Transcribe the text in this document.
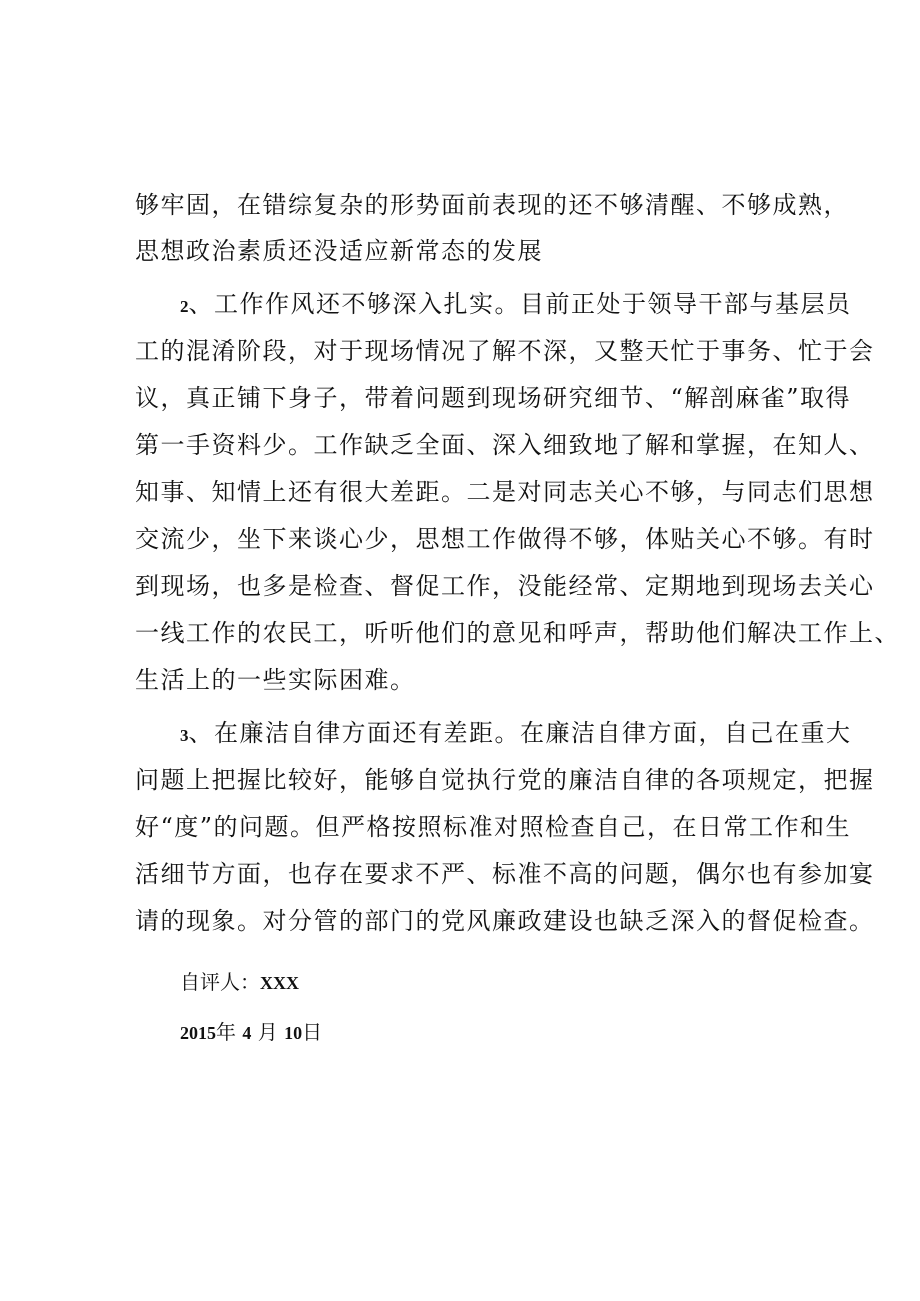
够牢固，在错综复杂的形势面前表现的还不够清醒、不够成熟，
思想政治素质还没适应新常态的发展
2、工作作风还不够深入扎实。目前正处于领导干部与基层员
工的混淆阶段，对于现场情况了解不深，又整天忙于事务、忙于会
议，真正铺下身子，带着问题到现场研究细节、“解剖麻雀”取得
第一手资料少。工作缺乏全面、深入细致地了解和掌握，在知人、
知事、知情上还有很大差距。二是对同志关心不够，与同志们思想
交流少，坐下来谈心少，思想工作做得不够，体贴关心不够。有时
到现场，也多是检查、督促工作，没能经常、定期地到现场去关心
一线工作的农民工，听听他们的意见和呼声，帮助他们解决工作上、
生活上的一些实际困难。
3、在廉洁自律方面还有差距。在廉洁自律方面，自己在重大
问题上把握比较好，能够自觉执行党的廉洁自律的各项规定，把握
好“度”的问题。但严格按照标准对照检查自己，在日常工作和生
活细节方面，也存在要求不严、标准不高的问题，偶尔也有参加宴
请的现象。对分管的部门的党风廉政建设也缺乏深入的督促检查。
自评人：XXX
2015年 4 月 10日
